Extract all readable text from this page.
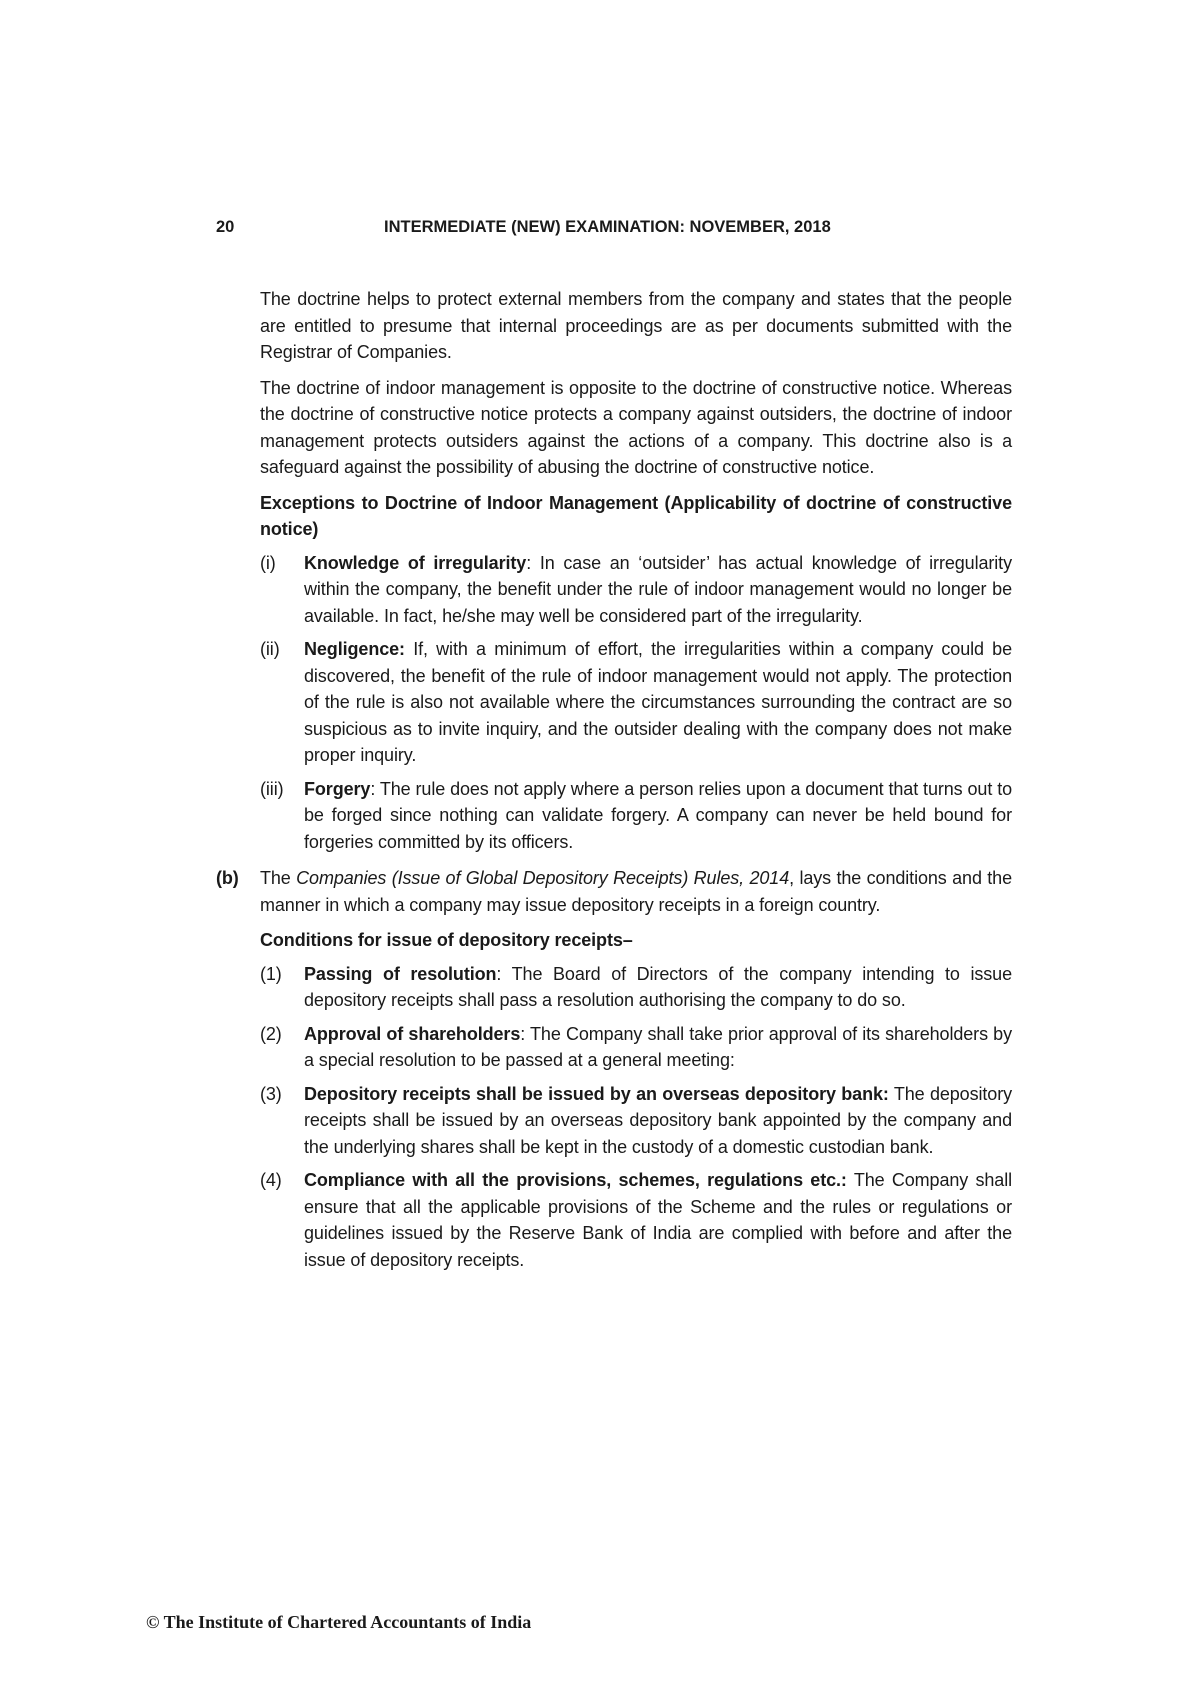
20	INTERMEDIATE (NEW) EXAMINATION: NOVEMBER, 2018

The doctrine helps to protect external members from the company and states that the people are entitled to presume that internal proceedings are as per documents submitted with the Registrar of Companies.

The doctrine of indoor management is opposite to the doctrine of constructive notice. Whereas the doctrine of constructive notice protects a company against outsiders, the doctrine of indoor management protects outsiders against the actions of a company. This doctrine also is a safeguard against the possibility of abusing the doctrine of constructive notice.

Exceptions to Doctrine of Indoor Management (Applicability of doctrine of constructive notice)

(i)	Knowledge of irregularity: In case an ‘outsider’ has actual knowledge of irregularity within the company, the benefit under the rule of indoor management would no longer be available. In fact, he/she may well be considered part of the irregularity.
(ii)	Negligence: If, with a minimum of effort, the irregularities within a company could be discovered, the benefit of the rule of indoor management would not apply. The protection of the rule is also not available where the circumstances surrounding the contract are so suspicious as to invite inquiry, and the outsider dealing with the company does not make proper inquiry.
(iii)	Forgery: The rule does not apply where a person relies upon a document that turns out to be forged since nothing can validate forgery. A company can never be held bound for forgeries committed by its officers.
(b)	The Companies (Issue of Global Depository Receipts) Rules, 2014, lays the conditions and the manner in which a company may issue depository receipts in a foreign country.

Conditions for issue of depository receipts–

(1)	Passing of resolution: The Board of Directors of the company intending to issue depository receipts shall pass a resolution authorising the company to do so.
(2)	Approval of shareholders: The Company shall take prior approval of its shareholders by a special resolution to be passed at a general meeting:
(3)	Depository receipts shall be issued by an overseas depository bank: The depository receipts shall be issued by an overseas depository bank appointed by the company and the underlying shares shall be kept in the custody of a domestic custodian bank.
(4)	Compliance with all the provisions, schemes, regulations etc.: The Company shall ensure that all the applicable provisions of the Scheme and the rules or regulations or guidelines issued by the Reserve Bank of India are complied with before and after the issue of depository receipts.
© The Institute of Chartered Accountants of India
